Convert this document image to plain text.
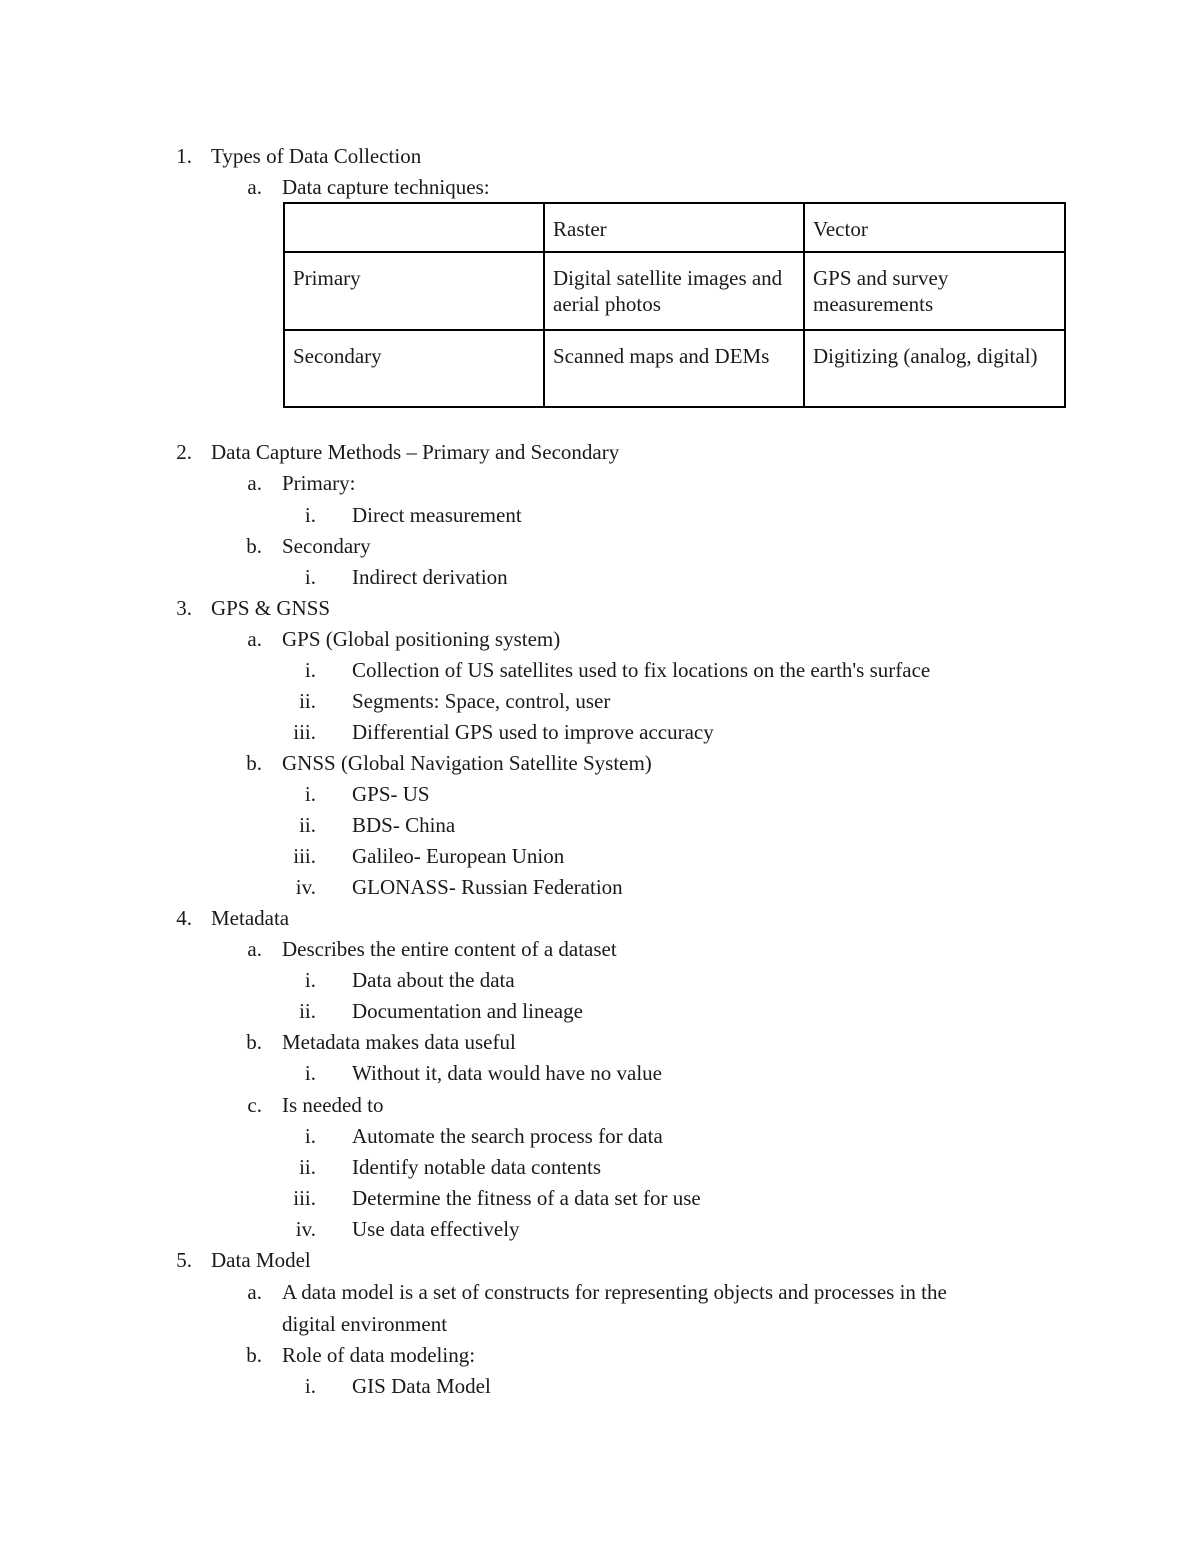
1. Types of Data Collection
a. Data capture techniques:
	Raster	Vector
Primary	Digital satellite images and aerial photos	GPS and survey measurements
Secondary	Scanned maps and DEMs	Digitizing (analog, digital)
2. Data Capture Methods – Primary and Secondary
a. Primary:
i. Direct measurement
b. Secondary
i. Indirect derivation
3. GPS & GNSS
a. GPS (Global positioning system)
i. Collection of US satellites used to fix locations on the earth's surface
ii. Segments: Space, control, user
iii. Differential GPS used to improve accuracy
b. GNSS (Global Navigation Satellite System)
i. GPS- US
ii. BDS- China
iii. Galileo- European Union
iv. GLONASS- Russian Federation
4. Metadata
a. Describes the entire content of a dataset
i. Data about the data
ii. Documentation and lineage
b. Metadata makes data useful
i. Without it, data would have no value
c. Is needed to
i. Automate the search process for data
ii. Identify notable data contents
iii. Determine the fitness of a data set for use
iv. Use data effectively
5. Data Model
a. A data model is a set of constructs for representing objects and processes in the
digital environment
b. Role of data modeling:
i. GIS Data Model
